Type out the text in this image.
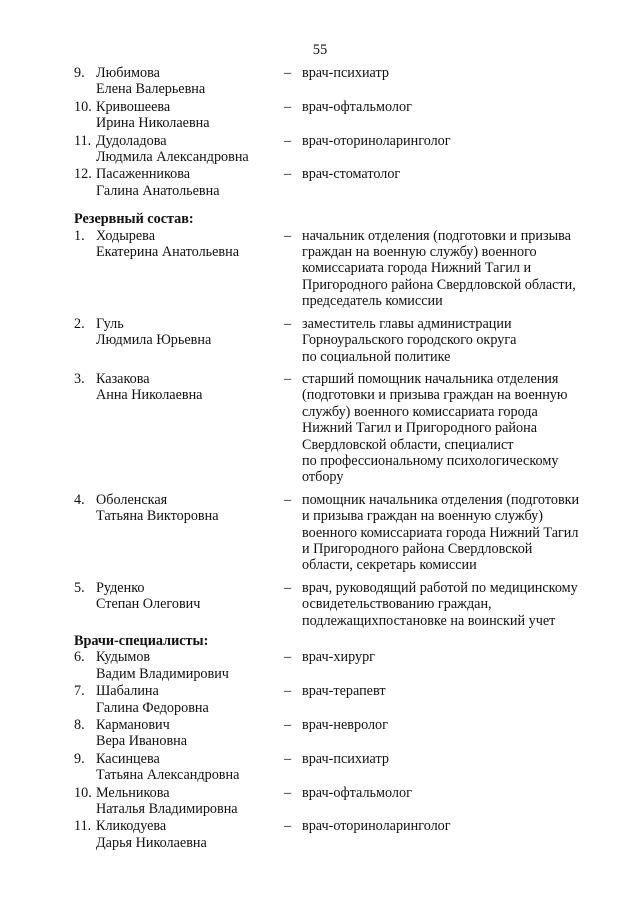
55
9. Любимова
Елена Валерьевна
– врач-психиатр
10. Кривошеева
Ирина Николаевна
– врач-офтальмолог
11. Дудоладова
Людмила Александровна
– врач-оториноларинголог
12. Пасаженникова
Галина Анатольевна
– врач-стоматолог
Резервный состав:
1. Ходырева
Екатерина Анатольевна
– начальник отделения (подготовки и призыва
граждан на военную службу) военного
комиссариата города Нижний Тагил и
Пригородного района Свердловской области,
председатель комиссии
2. Гуль
Людмила Юрьевна
– заместитель главы администрации
Горноуральского городского округа
по социальной политике
3. Казакова
Анна Николаевна
– старший помощник начальника отделения
(подготовки и призыва граждан на военную
службу) военного комиссариата города
Нижний Тагил и Пригородного района
Свердловской области, специалист
по профессиональному психологическому
отбору
4. Оболенская
Татьяна Викторовна
– помощник начальника отделения (подготовки
и призыва граждан на военную службу)
военного комиссариата города Нижний Тагил
и Пригородного района Свердловской
области, секретарь комиссии
5. Руденко
Степан Олегович
– врач, руководящий работой по медицинскому
освидетельствованию граждан,
подлежащихпостановке на воинский учет
Врачи-специалисты:
6. Кудымов
Вадим Владимирович
– врач-хирург
7. Шабалина
Галина Федоровна
– врач-терапевт
8. Карманович
Вера Ивановна
– врач-невролог
9. Касинцева
Татьяна Александровна
– врач-психиатр
10. Мельникова
Наталья Владимировна
– врач-офтальмолог
11. Кликодуева
Дарья Николаевна
– врач-оториноларинголог
